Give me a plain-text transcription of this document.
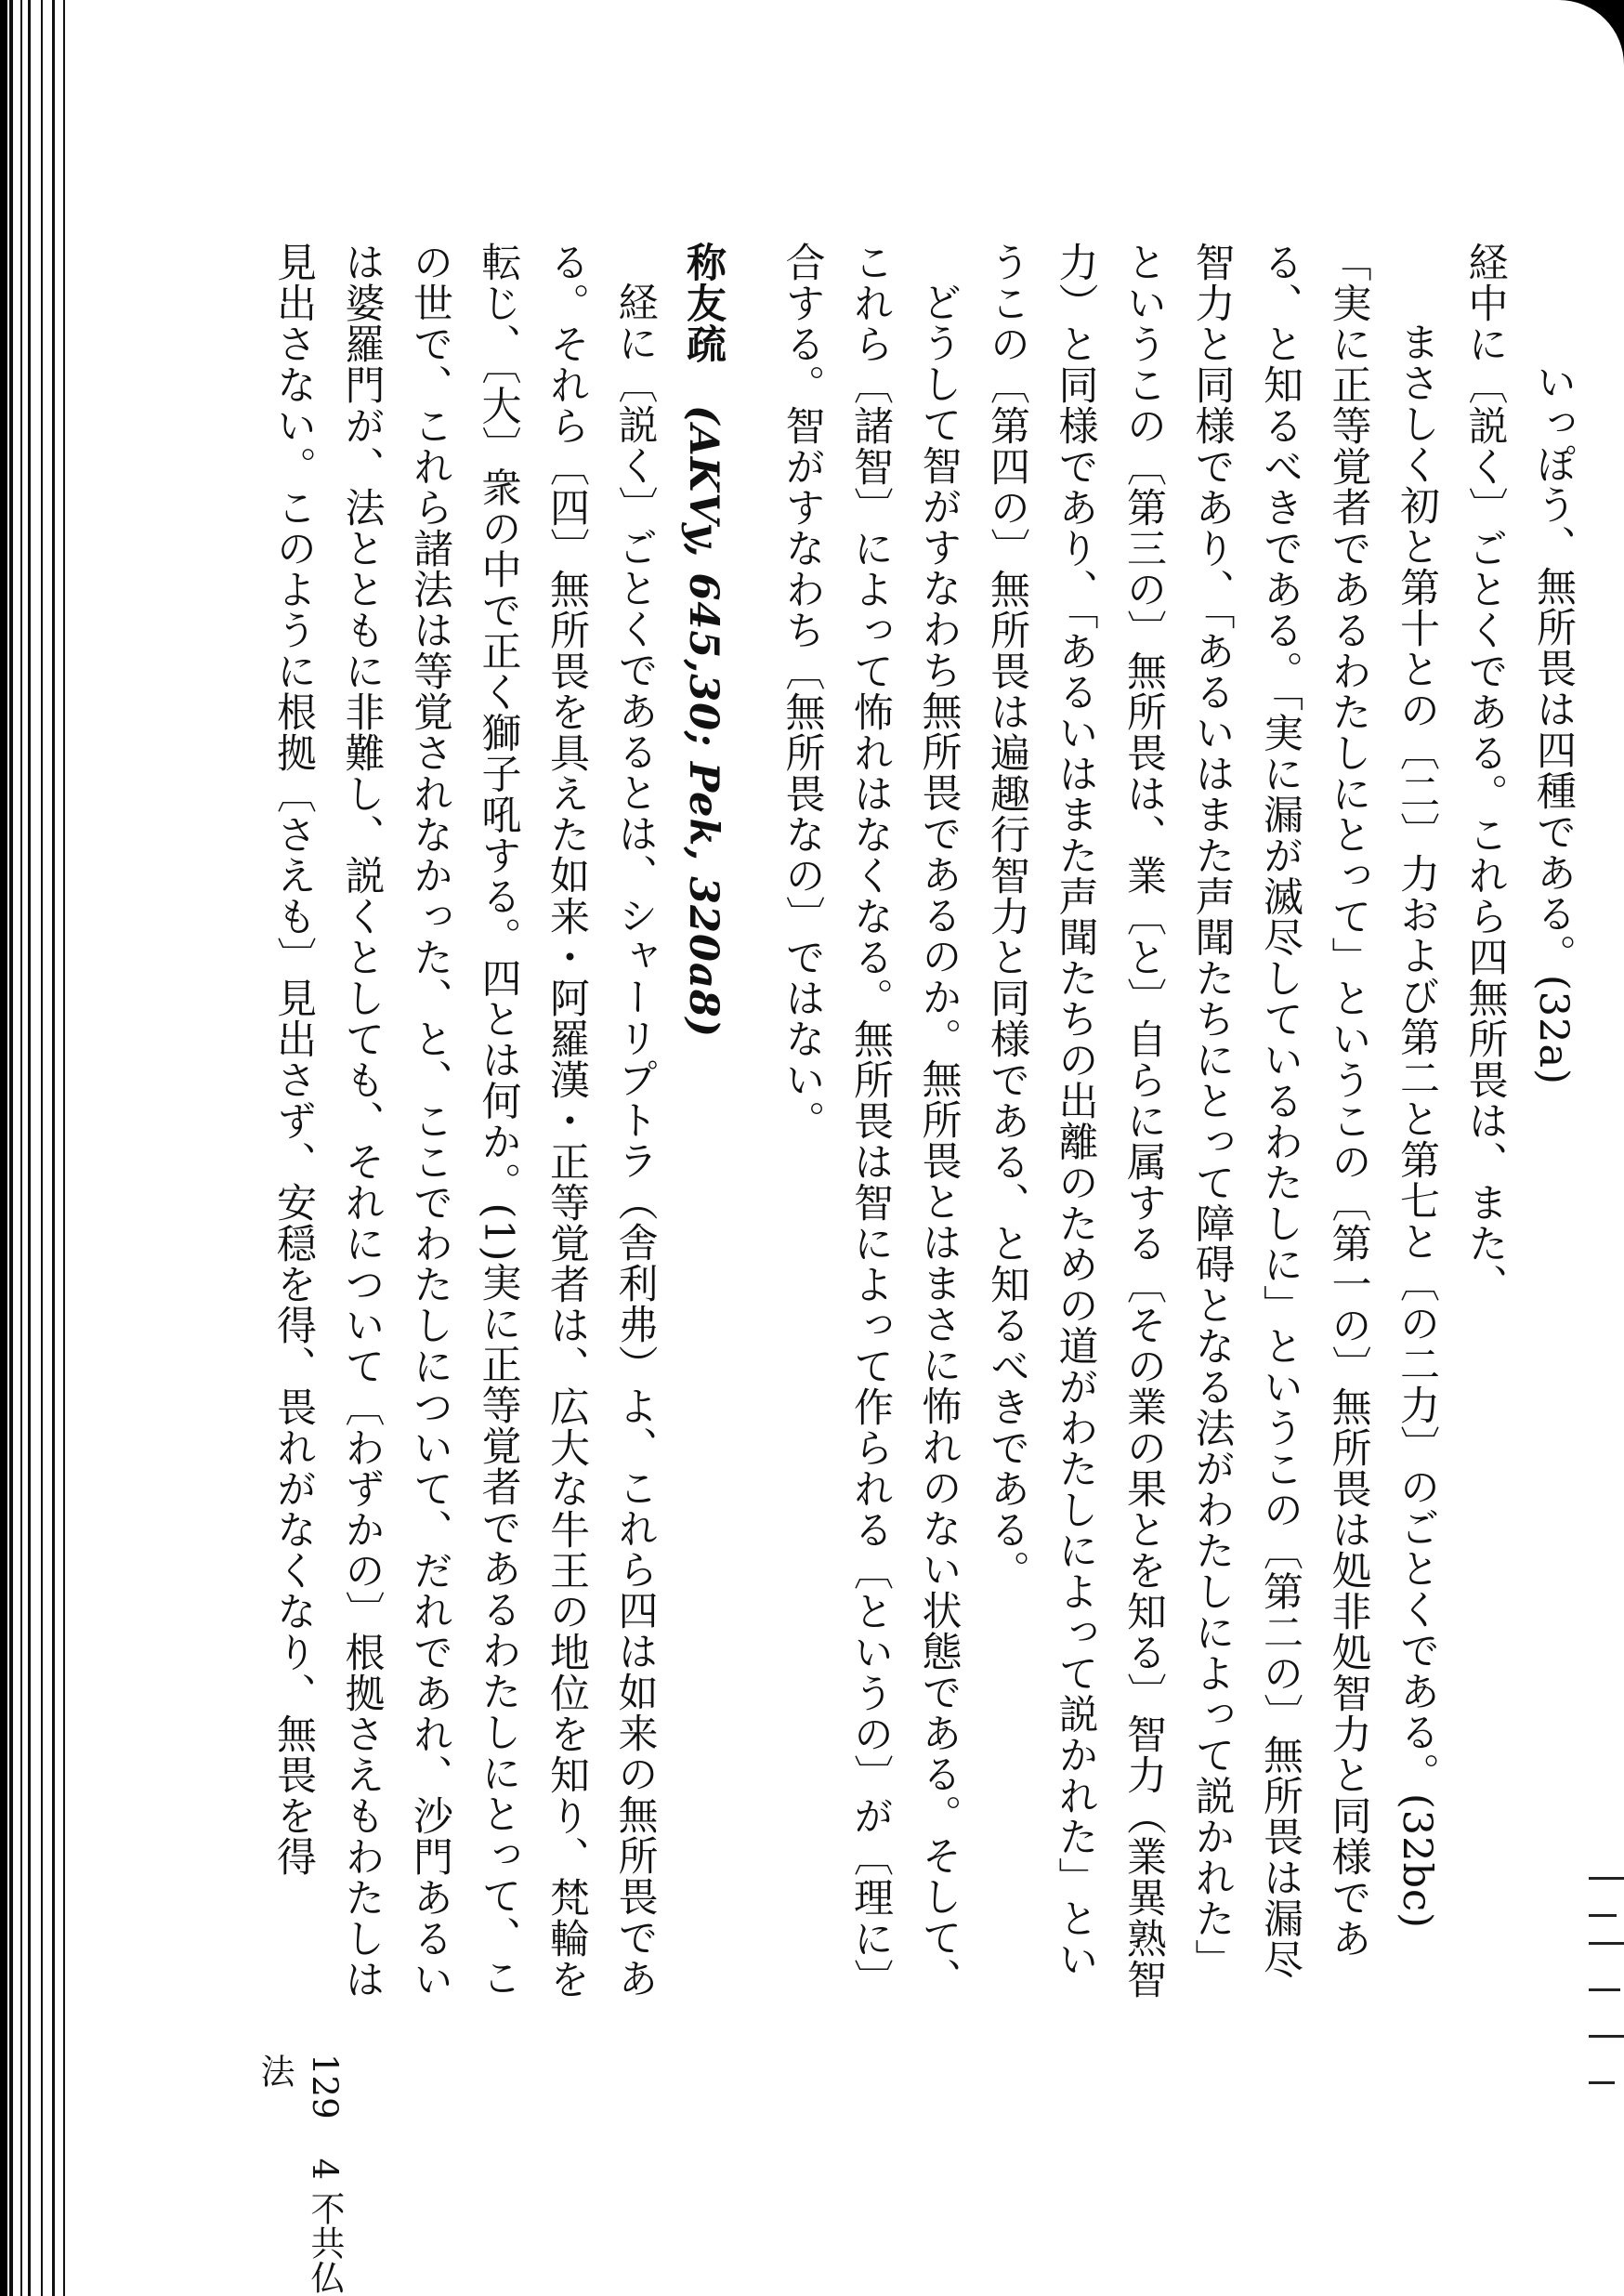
いっぽう、無所畏は四種である。(32a)

経中に〔説く〕ごとくである。これら四無所畏は、また、

まさしく初と第十との〔二〕力および第二と第七と〔の二力〕のごとくである。(32bc)

「実に正等覚者であるわたしにとって」というこの〔第一の〕無所畏は処非処智力と同様である、と知るべきである。「実に漏が滅尽しているわたしに」というこの〔第二の〕無所畏は漏尽智力と同様であり、「あるいはまた声聞たちにとって障碍となる法がわたしによって説かれた」というこの〔第三の〕無所畏は、業〔と〕自らに属する〔その業の果とを知る〕智力（業異熟智力）と同様であり、「あるいはまた声聞たちの出離のための道がわたしによって説かれた」というこの〔第四の〕無所畏は遍趣行智力と同様である、と知るべきである。

どうして智がすなわち無所畏であるのか。無所畏とはまさに怖れのない状態である。そして、これら〔諸智〕によって怖れはなくなる。無所畏は智によって作られる〔というの〕が〔理に〕合する。智がすなわち〔無所畏なの〕ではない。

称友疏　(AKVy, 645,30; Pek, 320a8)

経に〔説く〕ごとくであるとは、シャーリプトラ（舎利弗）よ、これら四は如来の無所畏である。それら〔四〕無所畏を具えた如来・阿羅漢・正等覚者は、広大な牛王の地位を知り、梵輪を転じ、〔大〕衆の中で正く獅子吼する。四とは何か。(1)実に正等覚者であるわたしにとって、この世で、これら諸法は等覚されなかった、と、ここでわたしについて、だれであれ、沙門あるいは婆羅門が、法とともに非難し、説くとしても、それについて〔わずかの〕根拠さえもわたしは見出さない。このように根拠〔さえも〕見出さず、安穏を得、畏れがなくなり、無畏を得

1294 不共仏法
